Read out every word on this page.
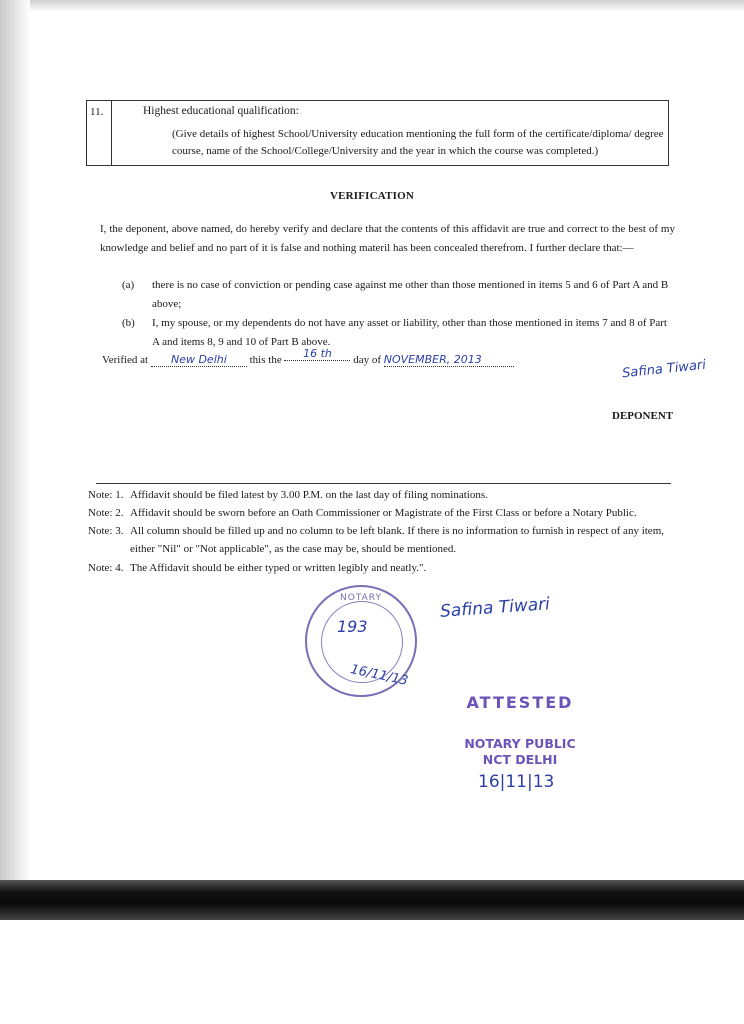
11.	Highest educational qualification:
(Give details of highest School/University education mentioning the full form of the certificate/diploma/ degree course, name of the School/College/University and the year in which the course was completed.)
VERIFICATION
I, the deponent, above named, do hereby verify and declare that the contents of this affidavit are true and correct to the best of my knowledge and belief and no part of it is false and nothing materil has been concealed therefrom. I further declare that:—
(a) there is no case of conviction or pending case against me other than those mentioned in items 5 and 6 of Part A and B above;
(b) I, my spouse, or my dependents do not have any asset or liability, other than those mentioned in items 7 and 8 of Part A and items 8, 9 and 10 of Part B above.
Verified at New Delhi this the 16 th day of NOVEMBER, 2013	Safina Tiwari
DEPONENT
Note: 1. Affidavit should be filed latest by 3.00 P.M. on the last day of filing nominations.
Note: 2. Affidavit should be sworn before an Oath Commissioner or Magistrate of the First Class or before a Notary Public.
Note: 3. All column should be filled up and no column to be left blank. If there is no information to furnish in respect of any item, either "Nil" or "Not applicable", as the case may be, should be mentioned.
Note: 4. The Affidavit should be either typed or written legibly and neatly.".
NOTARY
193
16/11/13
Safina Tiwari
ATTESTED
NOTARY PUBLIC
NCT DELHI
16|11|13
